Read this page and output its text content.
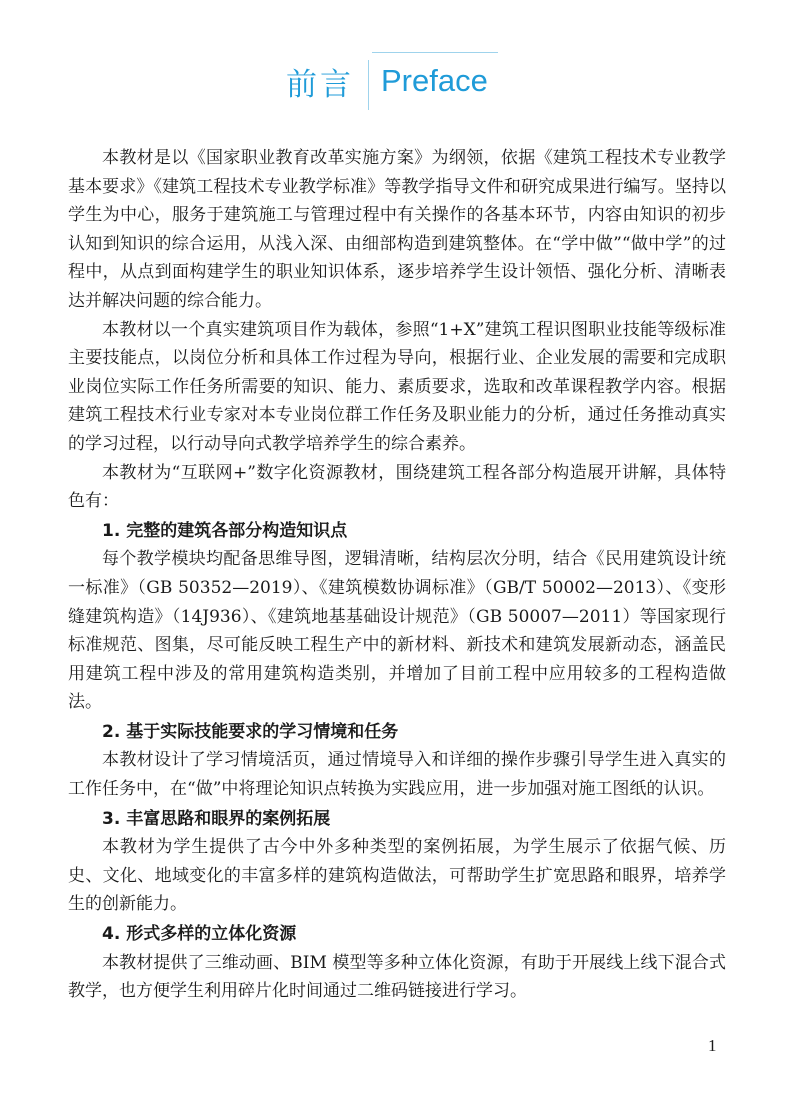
前言 Preface

本教材是以《国家职业教育改革实施方案》为纲领，依据《建筑工程技术专业教学基本要求》《建筑工程技术专业教学标准》等教学指导文件和研究成果进行编写。坚持以学生为中心，服务于建筑施工与管理过程中有关操作的各基本环节，内容由知识的初步认知到知识的综合运用，从浅入深、由细部构造到建筑整体。在“学中做”“做中学”的过程中，从点到面构建学生的职业知识体系，逐步培养学生设计领悟、强化分析、清晰表达并解决问题的综合能力。

本教材以一个真实建筑项目作为载体，参照“1+X”建筑工程识图职业技能等级标准主要技能点，以岗位分析和具体工作过程为导向，根据行业、企业发展的需要和完成职业岗位实际工作任务所需要的知识、能力、素质要求，选取和改革课程教学内容。根据建筑工程技术行业专家对本专业岗位群工作任务及职业能力的分析，通过任务推动真实的学习过程，以行动导向式教学培养学生的综合素养。

本教材为“互联网+”数字化资源教材，围绕建筑工程各部分构造展开讲解，具体特色有：

1. 完整的建筑各部分构造知识点

每个教学模块均配备思维导图，逻辑清晰，结构层次分明，结合《民用建筑设计统一标准》（GB 50352—2019）、《建筑模数协调标准》（GB/T 50002—2013）、《变形缝建筑构造》（14J936）、《建筑地基基础设计规范》（GB 50007—2011）等国家现行标准规范、图集，尽可能反映工程生产中的新材料、新技术和建筑发展新动态，涵盖民用建筑工程中涉及的常用建筑构造类别，并增加了目前工程中应用较多的工程构造做法。

2. 基于实际技能要求的学习情境和任务

本教材设计了学习情境活页，通过情境导入和详细的操作步骤引导学生进入真实的工作任务中，在“做”中将理论知识点转换为实践应用，进一步加强对施工图纸的认识。

3. 丰富思路和眼界的案例拓展

本教材为学生提供了古今中外多种类型的案例拓展，为学生展示了依据气候、历史、文化、地域变化的丰富多样的建筑构造做法，可帮助学生扩宽思路和眼界，培养学生的创新能力。

4. 形式多样的立体化资源

本教材提供了三维动画、BIM 模型等多种立体化资源，有助于开展线上线下混合式教学，也方便学生利用碎片化时间通过二维码链接进行学习。

1
